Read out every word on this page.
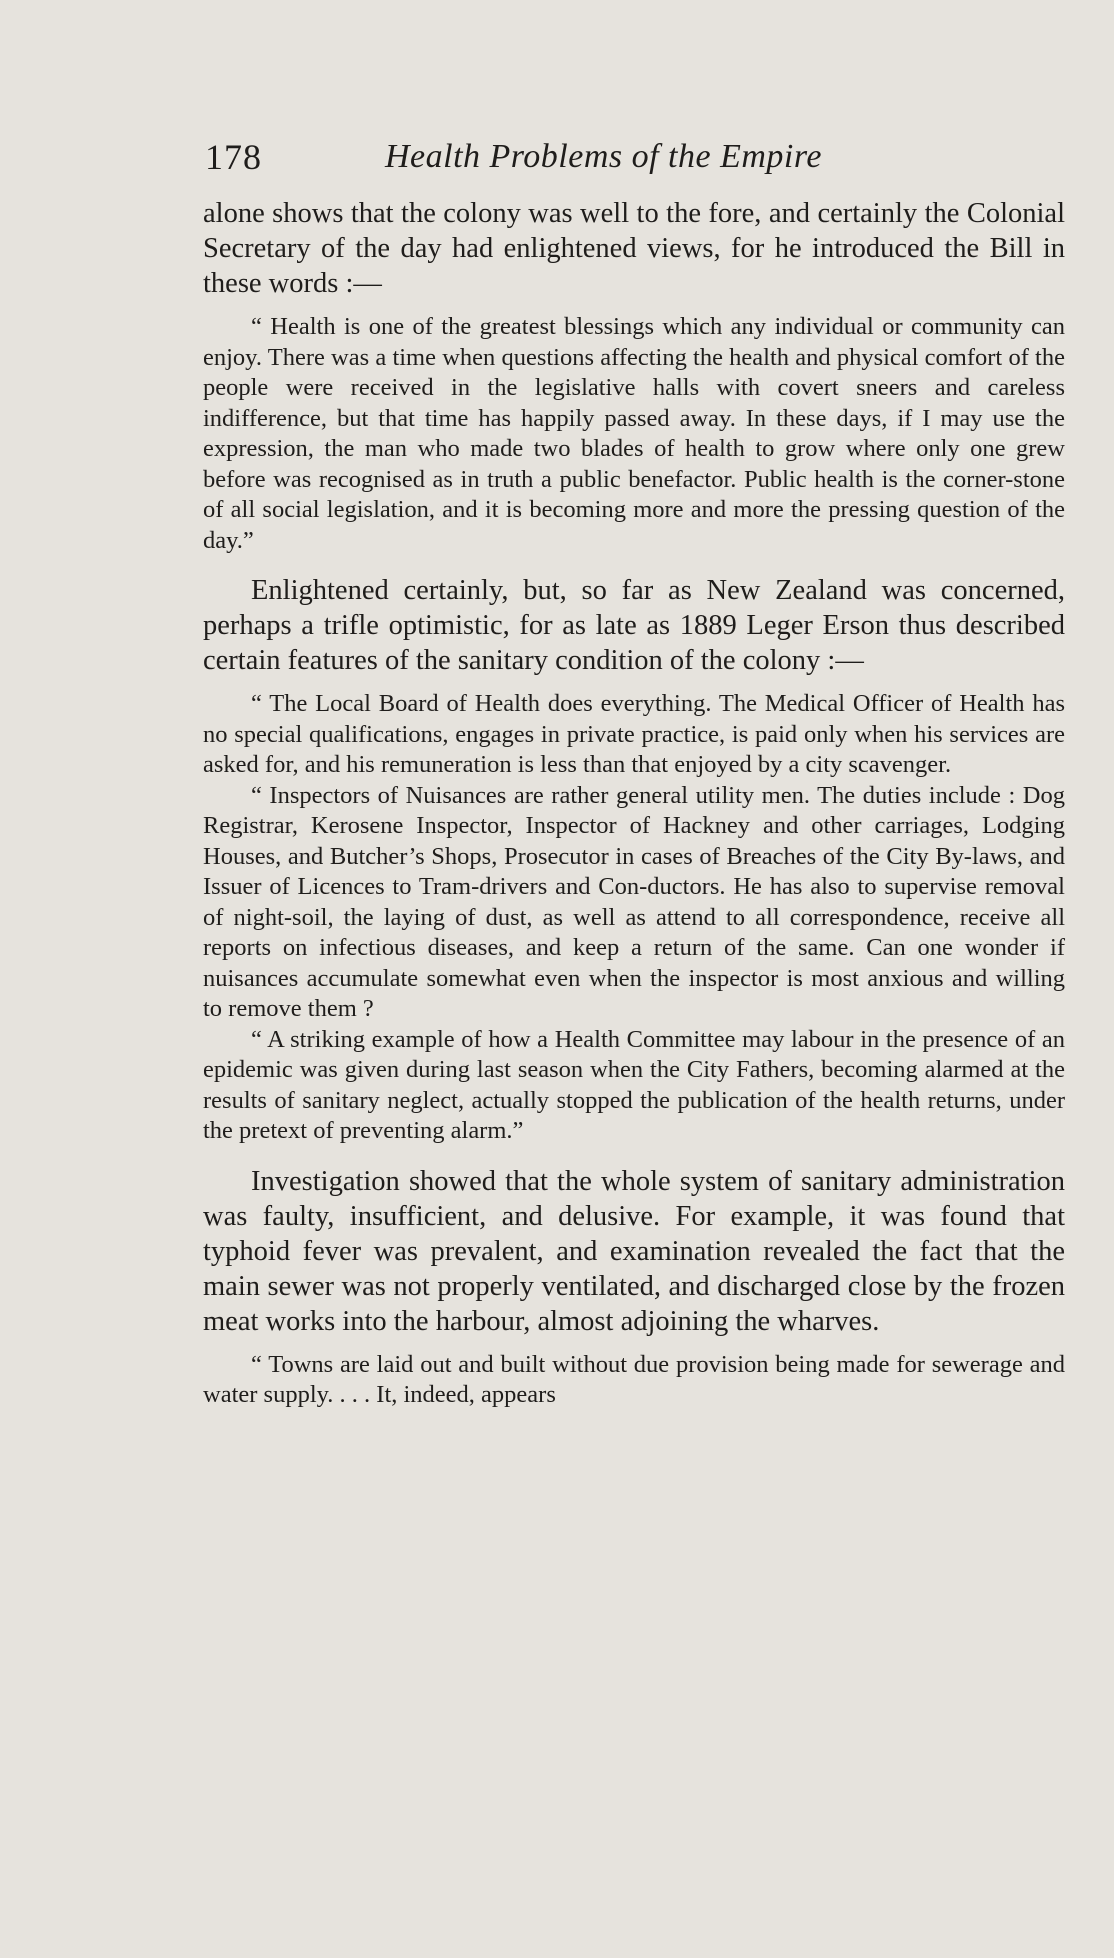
178	Health Problems of the Empire

alone shows that the colony was well to the fore, and certainly the Colonial Secretary of the day had enlightened views, for he introduced the Bill in these words :—

“ Health is one of the greatest blessings which any individual or community can enjoy. There was a time when questions affecting the health and physical comfort of the people were received in the legislative halls with covert sneers and careless indifference, but that time has happily passed away. In these days, if I may use the expression, the man who made two blades of health to grow where only one grew before was recognised as in truth a public benefactor. Public health is the corner-stone of all social legislation, and it is becoming more and more the pressing question of the day.”

Enlightened certainly, but, so far as New Zealand was concerned, perhaps a trifle optimistic, for as late as 1889 Leger Erson thus described certain features of the sanitary condition of the colony :—

“ The Local Board of Health does everything. The Medical Officer of Health has no special qualifications, engages in private practice, is paid only when his services are asked for, and his remuneration is less than that enjoyed by a city scavenger.

“ Inspectors of Nuisances are rather general utility men. The duties include : Dog Registrar, Kerosene Inspector, Inspector of Hackney and other carriages, Lodging Houses, and Butcher’s Shops, Prosecutor in cases of Breaches of the City By-laws, and Issuer of Licences to Tram-drivers and Con-ductors. He has also to supervise removal of night-soil, the laying of dust, as well as attend to all correspondence, receive all reports on infectious diseases, and keep a return of the same. Can one wonder if nuisances accumulate somewhat even when the inspector is most anxious and willing to remove them ?

“ A striking example of how a Health Committee may labour in the presence of an epidemic was given during last season when the City Fathers, becoming alarmed at the results of sanitary neglect, actually stopped the publication of the health returns, under the pretext of preventing alarm.”

Investigation showed that the whole system of sanitary administration was faulty, insufficient, and delusive. For example, it was found that typhoid fever was prevalent, and examination revealed the fact that the main sewer was not properly ventilated, and discharged close by the frozen meat works into the harbour, almost adjoining the wharves.

“ Towns are laid out and built without due provision being made for sewerage and water supply. . . . It, indeed, appears
